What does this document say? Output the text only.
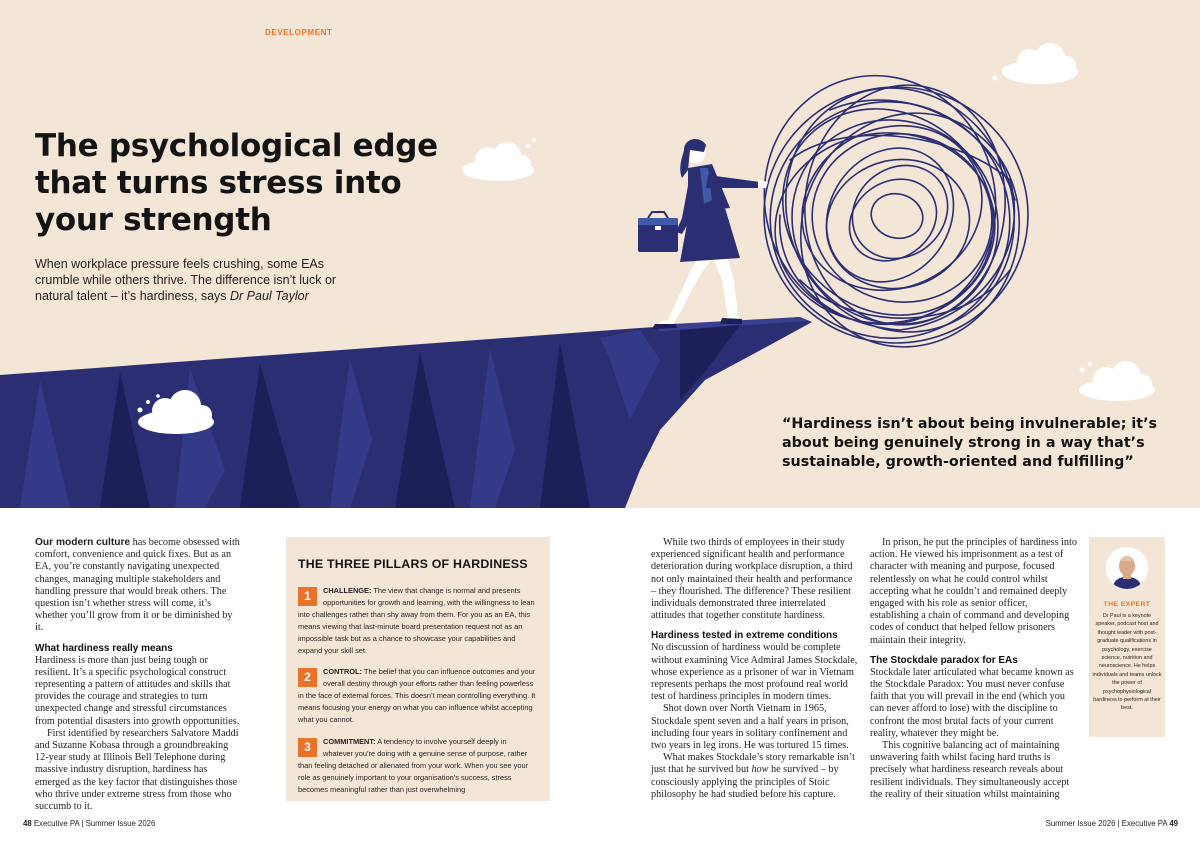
DEVELOPMENT
The psychological edge that turns stress into your strength

When workplace pressure feels crushing, some EAs crumble while others thrive. The difference isn’t luck or natural talent – it’s hardiness, says Dr Paul Taylor

“Hardiness isn’t about being invulnerable; it’s about being genuinely strong in a way that’s sustainable, growth-oriented and fulfilling”

Our modern culture has become obsessed with comfort, convenience and quick fixes. But as an EA, you’re constantly navigating unexpected changes, managing multiple stakeholders and handling pressure that would break others. The question isn’t whether stress will come, it’s whether you’ll grow from it or be diminished by it.

What hardiness really means

Hardiness is more than just being tough or resilient. It’s a specific psychological construct representing a pattern of attitudes and skills that provides the courage and strategies to turn unexpected change and stressful circumstances from potential disasters into growth opportunities.

First identified by researchers Salvatore Maddi and Suzanne Kobasa through a groundbreaking 12-year study at Illinois Bell Telephone during massive industry disruption, hardiness has emerged as the key factor that distinguishes those who thrive under extreme stress from those who succumb to it.

THE THREE PILLARS OF HARDINESS
1	CHALLENGE: The view that change is normal and presents opportunities for growth and learning, with the willingness to lean into challenges rather than shy away from them. For you as an EA, this means viewing that last-minute board presentation request not as an impossible task but as a chance to showcase your capabilities and expand your skill set.
2	CONTROL: The belief that you can influence outcomes and your overall destiny through your efforts rather than feeling powerless in the face of external forces. This doesn’t mean controlling everything. It means focusing your energy on what you can influence whilst accepting what you cannot.
3	COMMITMENT: A tendency to involve yourself deeply in whatever you’re doing with a genuine sense of purpose, rather than feeling detached or alienated from your work. When you see your role as genuinely important to your organisation’s success, stress becomes meaningful rather than just overwhelming

While two thirds of employees in their study experienced significant health and performance deterioration during workplace disruption, a third not only maintained their health and performance – they flourished. The difference? These resilient individuals demonstrated three interrelated attitudes that together constitute hardiness.

Hardiness tested in extreme conditions

No discussion of hardiness would be complete without examining Vice Admiral James Stockdale, whose experience as a prisoner of war in Vietnam represents perhaps the most profound real world test of hardiness principles in modern times.

Shot down over North Vietnam in 1965, Stockdale spent seven and a half years in prison, including four years in solitary confinement and two years in leg irons. He was tortured 15 times.

What makes Stockdale’s story remarkable isn’t just that he survived but how he survived – by consciously applying the principles of Stoic philosophy he had studied before his capture.

In prison, he put the principles of hardiness into action. He viewed his imprisonment as a test of character with meaning and purpose, focused relentlessly on what he could control whilst accepting what he couldn’t and remained deeply engaged with his role as senior officer, establishing a chain of command and developing codes of conduct that helped fellow prisoners maintain their integrity.

The Stockdale paradox for EAs

Stockdale later articulated what became known as the Stockdale Paradox: You must never confuse faith that you will prevail in the end (which you can never afford to lose) with the discipline to confront the most brutal facts of your current reality, whatever they might be.

This cognitive balancing act of maintaining unwavering faith whilst facing hard truths is precisely what hardiness research reveals about resilient individuals. They simultaneously accept the reality of their situation whilst maintaining

THE EXPERT
Dr Paul is a keynote speaker, podcast host and thought leader with post-graduate qualifications in psychology, exercise science, nutrition and neuroscience. He helps individuals and teams unlock the power of psychophysiological hardiness to perform at their best.
48 Executive PA | Summer Issue 2026	Summer Issue 2026 | Executive PA 49
